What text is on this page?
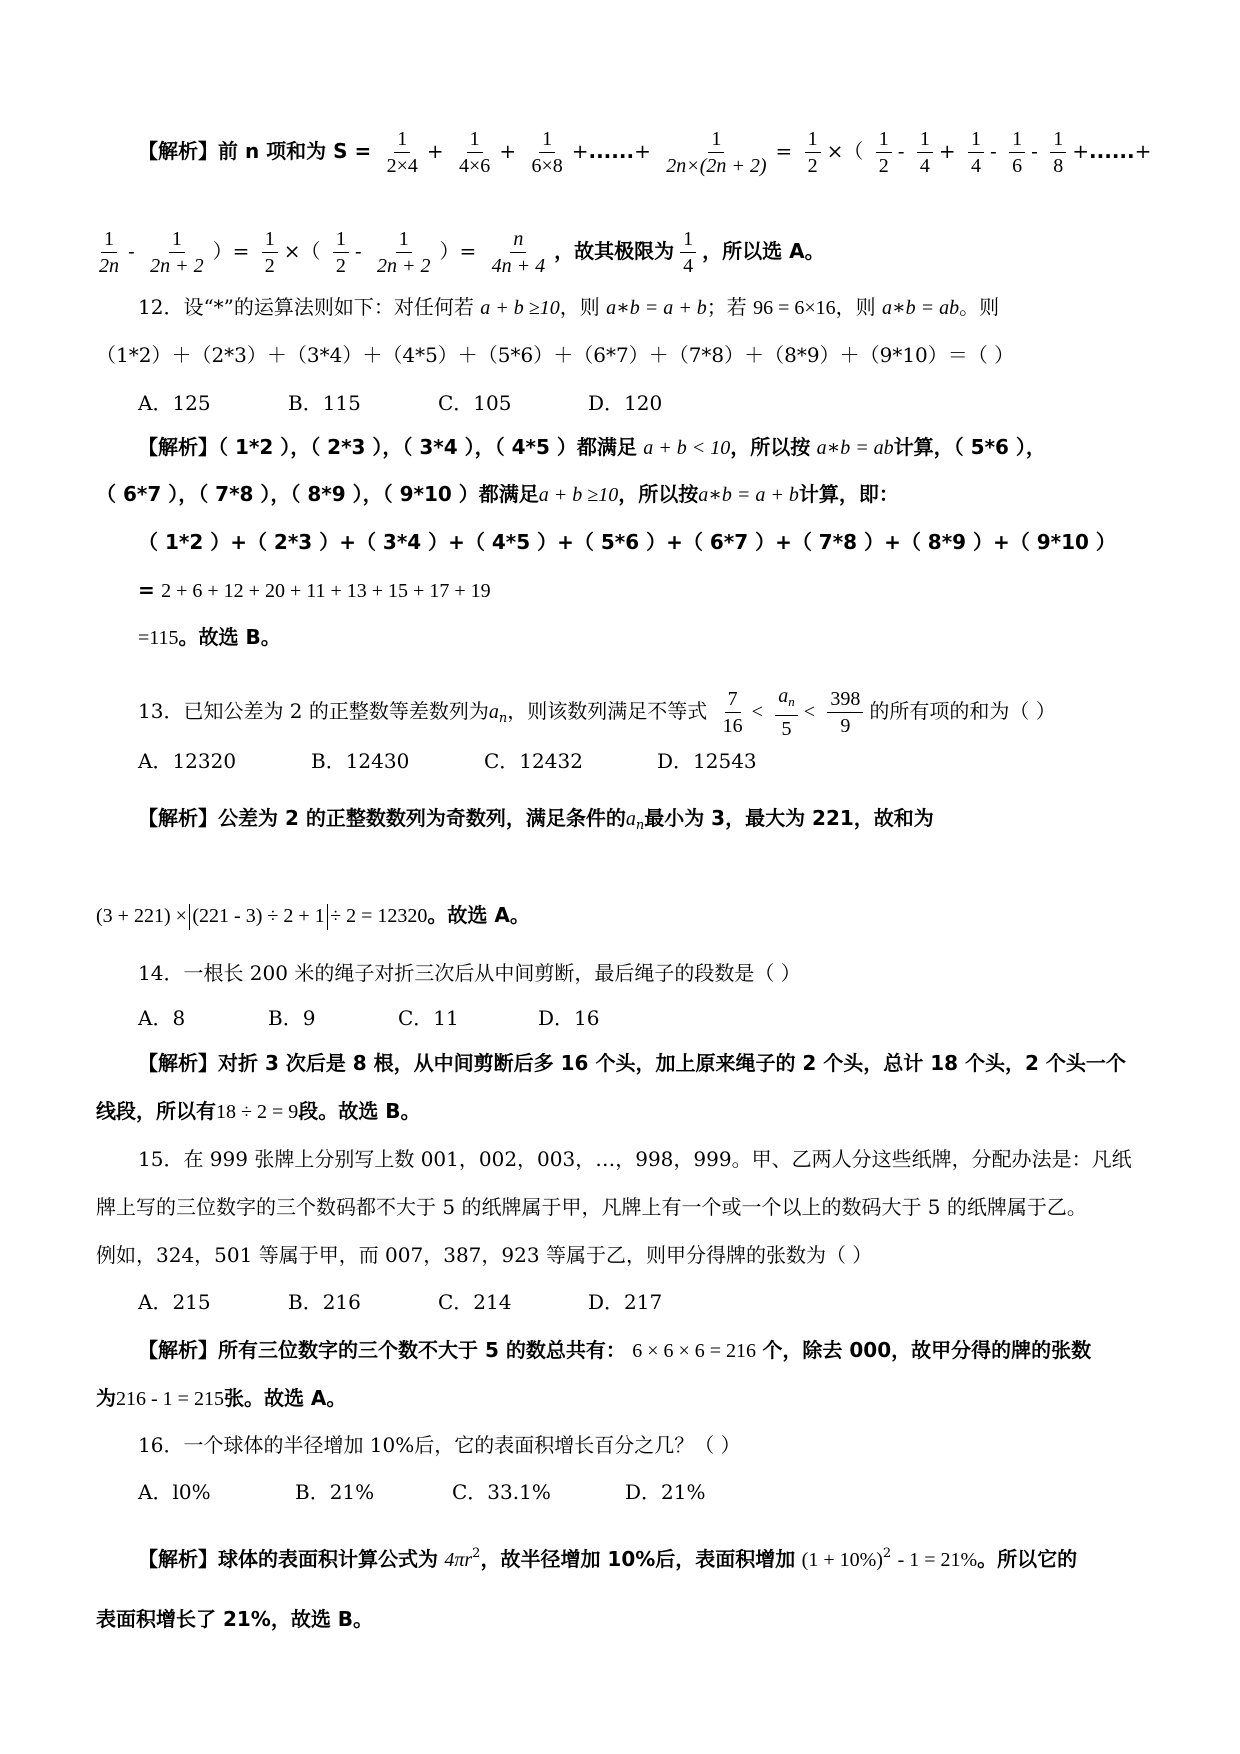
【解析】前 n 项和为 $S = \frac{1}{2\times 4} + \frac{1}{4\times 6} + \frac{1}{6\times 8}$ +......+ $\frac{1}{2n\times(2n + 2)} = \frac{1}{2}$ ×（ $\frac{1}{2} - \frac{1}{4} + \frac{1}{4} - \frac{1}{6} - \frac{1}{8}$ +......+
$\frac{1}{2n} - \frac{1}{2n + 2}$ ）= $\frac{1}{2}$ ×（ $\frac{1}{2} - \frac{1}{2n + 2}$ ）= $\frac{n}{4n + 4}$ ，故其极限为 $\frac{1}{4}$ ，所以选 A。
12．设“*”的运算法则如下：对任何若 a + b ≥10，则 a∗b = a + b；若 96 = 6×16，则 a∗b = ab。则
（1*2）＋（2*3）＋（3*4）＋（4*5）＋（5*6）＋（6*7）＋（7*8）＋（8*9）＋（9*10）＝（ ）
A．125	B．115	C．105	D．120
【解析】（ 1*2 ），（ 2*3 ），（ 3*4 ），（ 4*5 ）都满足 a + b < 10，所以按 a∗b = ab计算，（ 5*6 ），
（ 6*7 ），（ 7*8 ），（ 8*9 ），（ 9*10 ）都满足a + b ≥10，所以按a∗b = a + b计算，即：
（ 1*2 ）+（ 2*3 ）+（ 3*4 ）+（ 4*5 ）+（ 5*6 ）+（ 6*7 ）+（ 7*8 ）+（ 8*9 ）+（ 9*10 ）
= 2 + 6 + 12 + 20 + 11 + 13 + 15 + 17 + 19
=115。故选 B。
13．已知公差为 2 的正整数等差数列为$a_n$，则该数列满足不等式 $\frac{7}{16} < \frac{a_n}{5} < \frac{398}{9}$ 的所有项的和为（ ）
A．12320	B．12430	C．12432	D．12543
【解析】公差为 2 的正整数数列为奇数列，满足条件的$a_n$最小为 3，最大为 221，故和为
(3 + 221) × (221 - 3) ÷ 2 + 1 ÷ 2 = 12320。故选 A。
14．一根长 200 米的绳子对折三次后从中间剪断，最后绳子的段数是（ ）
A．8	B．9	C．11	D．16
【解析】对折 3 次后是 8 根，从中间剪断后多 16 个头，加上原来绳子的 2 个头，总计 18 个头，2 个头一个
线段，所以有18 ÷ 2 = 9段。故选 B。
15．在 999 张牌上分别写上数 001，002，003，…，998，999。甲、乙两人分这些纸牌，分配办法是：凡纸
牌上写的三位数字的三个数码都不大于 5 的纸牌属于甲，凡牌上有一个或一个以上的数码大于 5 的纸牌属于乙。
例如，324，501 等属于甲，而 007，387，923 等属于乙，则甲分得牌的张数为（ ）
A．215	B．216	C．214	D．217
【解析】所有三位数字的三个数不大于 5 的数总共有： 6 × 6 × 6 = 216 个，除去 000，故甲分得的牌的张数
为216 - 1 = 215张。故选 A。
16．一个球体的半径增加 10%后，它的表面积增长百分之几？（ ）
A．l0%	B．21%	C．33.1%	D．21%
【解析】球体的表面积计算公式为 $4\pi r^2$，故半径增加 10%后，表面积增加 $(1 + 10\%)^2 - 1 = 21\%$。所以它的
表面积增长了 21%，故选 B。
